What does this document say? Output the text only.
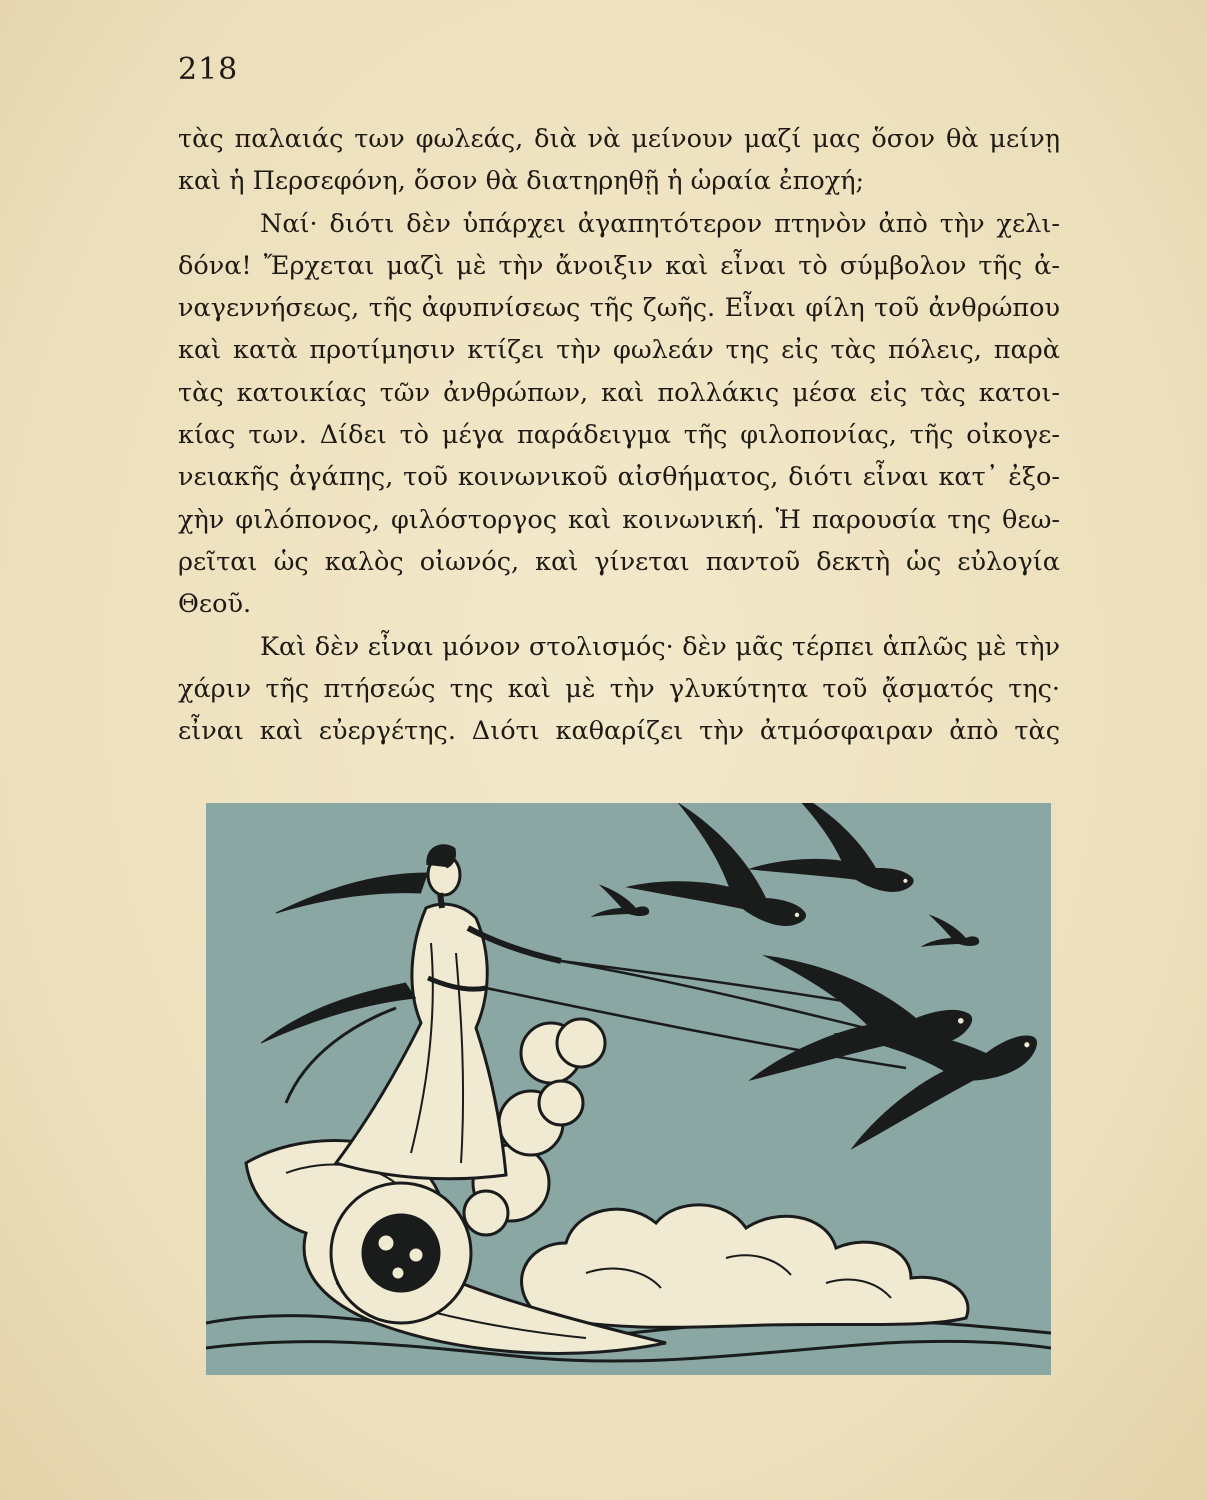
218
τὰς παλαιάς των φωλεάς, διὰ νὰ μείνουν μαζί μας ὅσον θὰ μείνῃ
καὶ ἡ Περσεφόνη, ὅσον θὰ διατηρηθῇ ἡ ὡραία ἐποχή;
Ναί· διότι δὲν ὑπάρχει ἀγαπητότερον πτηνὸν ἀπὸ τὴν χελι-
δόνα! Ἔρχεται μαζὶ μὲ τὴν ἄνοιξιν καὶ εἶναι τὸ σύμβολον τῆς ἀ-
ναγεννήσεως, τῆς ἀφυπνίσεως τῆς ζωῆς. Εἶναι φίλη τοῦ ἀνθρώπου
καὶ κατὰ προτίμησιν κτίζει τὴν φωλεάν της εἰς τὰς πόλεις, παρὰ
τὰς κατοικίας τῶν ἀνθρώπων, καὶ πολλάκις μέσα εἰς τὰς κατοι-
κίας των. Δίδει τὸ μέγα παράδειγμα τῆς φιλοπονίας, τῆς οἰκογε-
νειακῆς ἀγάπης, τοῦ κοινωνικοῦ αἰσθήματος, διότι εἶναι κατ᾽ ἐξο-
χὴν φιλόπονος, φιλόστοργος καὶ κοινωνική. Ἡ παρουσία της θεω-
ρεῖται ὡς καλὸς οἰωνός, καὶ γίνεται παντοῦ δεκτὴ ὡς εὐλογία
Θεοῦ.
Καὶ δὲν εἶναι μόνον στολισμός· δὲν μᾶς τέρπει ἁπλῶς μὲ τὴν
χάριν τῆς πτήσεώς της καὶ μὲ τὴν γλυκύτητα τοῦ ᾄσματός της·
εἶναι καὶ εὐεργέτης. Διότι καθαρίζει τὴν ἀτμόσφαιραν ἀπὸ τὰς
